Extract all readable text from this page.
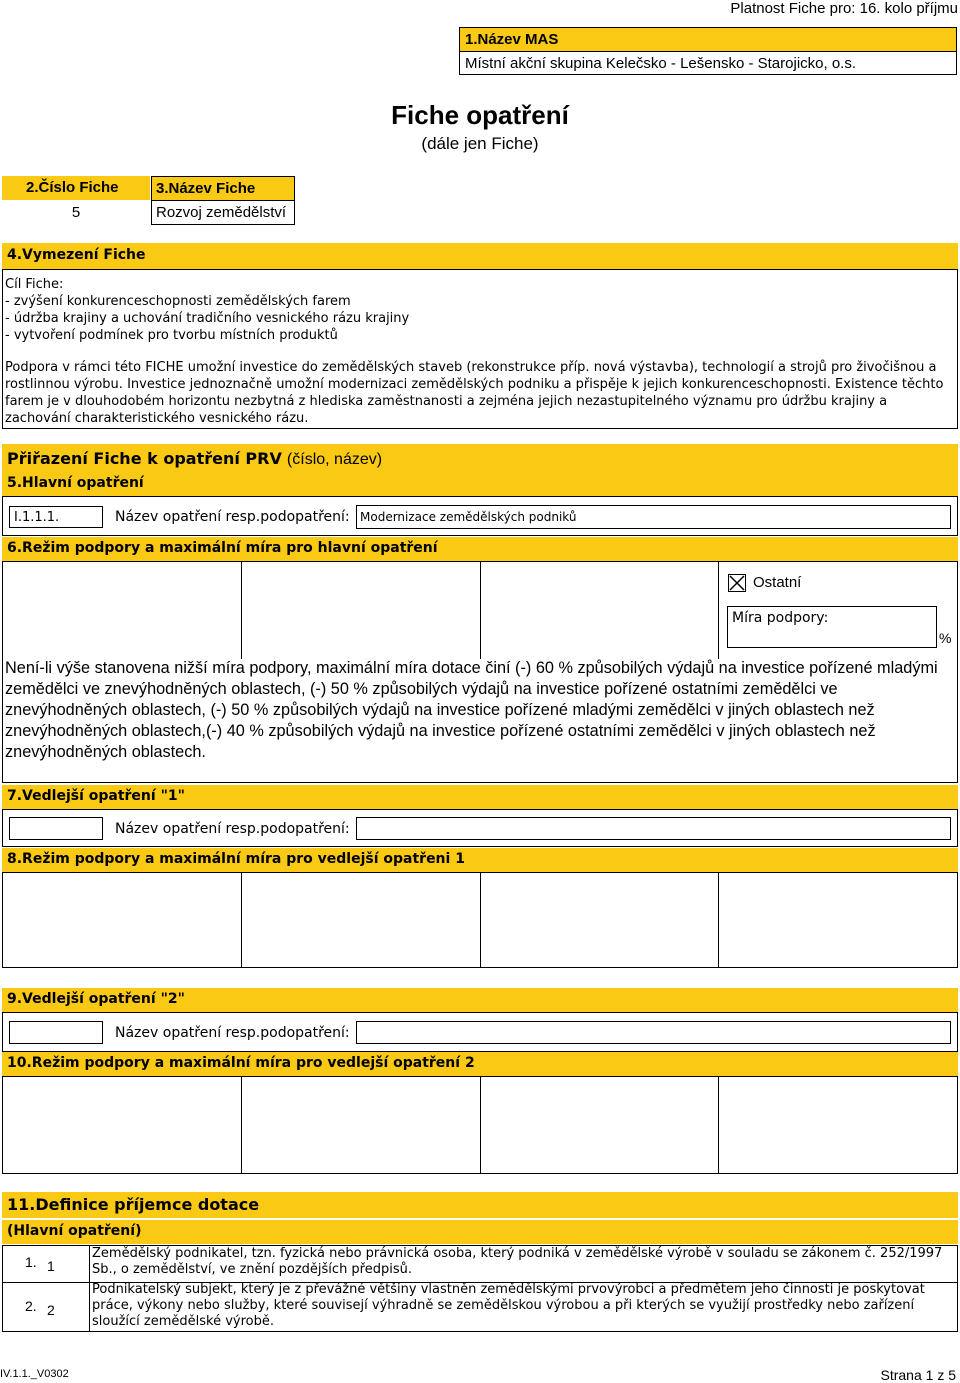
Platnost Fiche pro: 16. kolo příjmu
1.Název MAS
Místní akční skupina Kelečsko - Lešensko - Starojicko, o.s.
Fiche opatření
(dále jen Fiche)
2.Číslo Fiche
5
3.Název Fiche
Rozvoj zemědělství
4.Vymezení Fiche
Cíl Fiche:
- zvýšení konkurenceschopnosti zemědělských farem
- údržba krajiny a uchování tradičního vesnického rázu krajiny
- vytvoření podmínek pro tvorbu místních produktů
Podpora v rámci této FICHE umožní investice do zemědělských staveb (rekonstrukce příp. nová výstavba), technologií a strojů pro živočišnou a rostlinnou výrobu. Investice jednoznačně umožní modernizaci zemědělských podniku a přispěje k jejich konkurenceschopnosti. Existence těchto farem je v dlouhodobém horizontu nezbytná z hlediska zaměstnanosti a zejména jejich nezastupitelného významu pro údržbu krajiny a zachování charakteristického vesnického rázu.
Přiřazení Fiche k opatření PRV (číslo, název)
5.Hlavní opatření
I.1.1.1.	Název opatření resp.podopatření: Modernizace zemědělských podniků
6.Režim podpory a maximální míra pro hlavní opatření
Ostatní
Míra podpory:
%
Není-li výše stanovena nižší míra podpory, maximální míra dotace činí (-) 60 % způsobilých výdajů na investice pořízené mladými zemědělci ve znevýhodněných oblastech, (-) 50 % způsobilých výdajů na investice pořízené ostatními zemědělci ve znevýhodněných oblastech, (-) 50 % způsobilých výdajů na investice pořízené mladými zemědělci v jiných oblastech než znevýhodněných oblastech,(-) 40 % způsobilých výdajů na investice pořízené ostatními zemědělci v jiných oblastech než znevýhodněných oblastech.
7.Vedlejší opatření "1"
Název opatření resp.podopatření:
8.Režim podpory a maximální míra pro vedlejší opatřeni 1
9.Vedlejší opatření "2"
Název opatření resp.podopatření:
10.Režim podpory a maximální míra pro vedlejší opatření 2
11.Definice příjemce dotace
(Hlavní opatření)
1. 1
Zemědělský podnikatel, tzn. fyzická nebo právnická osoba, který podniká v zemědělské výrobě v souladu se zákonem č. 252/1997 Sb., o zemědělství, ve znění pozdějších předpisů.
2. 2
Podnikatelský subjekt, který je z převážné většiny vlastněn zemědělskými prvovýrobci a předmětem jeho činnosti je poskytovat práce, výkony nebo služby, které souvisejí výhradně se zemědělskou výrobou a při kterých se využijí prostředky nebo zařízení sloužící zemědělské výrobě.
IV.1.1._V0302	Strana 1 z 5
